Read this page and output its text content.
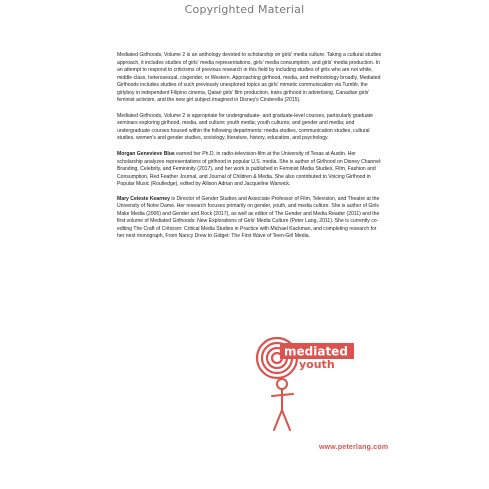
Copyrighted Material

Mediated Girlhoods, Volume 2 is an anthology devoted to scholarship on girls' media culture. Taking a cultural studies approach, it includes studies of girls' media representations, girls' media consumption, and girls' media production. In an attempt to respond to criticisms of previous research in this field by including studies of girls who are not white, middle-class, heterosexual, cisgender, or Western. Approaching girlhood, media, and methodology broadly, Mediated Girlhoods includes studies of such previously unexplored topics as girls' mimetic communication via Tumblr, the girlyboy in independent Filipino cinema, Qatari girls' film production, trans girlhood in advertising, Canadian girls' feminist activism, and the new girl subject imagined in Disney's Cinderella (2015).

Mediated Girlhoods, Volume 2 is appropriate for undergraduate- and graduate-level courses, particularly graduate seminars exploring girlhood, media, and culture; youth media; youth cultures; and gender and media; and undergraduate courses housed within the following departments: media studies, communication studies, cultural studies, women's and gender studies, sociology, literature, history, education, and psychology.

Morgan Genevieve Blue earned her Ph.D. in radio-television-film at the University of Texas at Austin. Her scholarship analyzes representations of girlhood in popular U.S. media. She is author of Girlhood on Disney Channel: Branding, Celebrity, and Femininity (2017), and her work is published in Feminist Media Studies, Film, Fashion and Consumption, Red Feather Journal, and Journal of Children & Media. She also contributed to Voicing Girlhood in Popular Music (Routledge), edited by Allison Adrian and Jacqueline Warwick.

Mary Celeste Kearney is Director of Gender Studies and Associate Professor of Film, Television, and Theatre at the University of Notre Dame. Her research focuses primarily on gender, youth, and media culture. She is author of Girls Make Media (2006) and Gender and Rock (2017), as well as editor of The Gender and Media Reader (2011) and the first volume of Mediated Girlhoods: New Explorations of Girls' Media Culture (Peter Lang, 2011). She is currently co-editing The Craft of Criticism: Critical Media Studies in Practice with Michael Kackman, and completing research for her next monograph, From Nancy Drew to Gidget: The First Wave of Teen-Girl Media.

mediated
youth
www.peterlang.com
